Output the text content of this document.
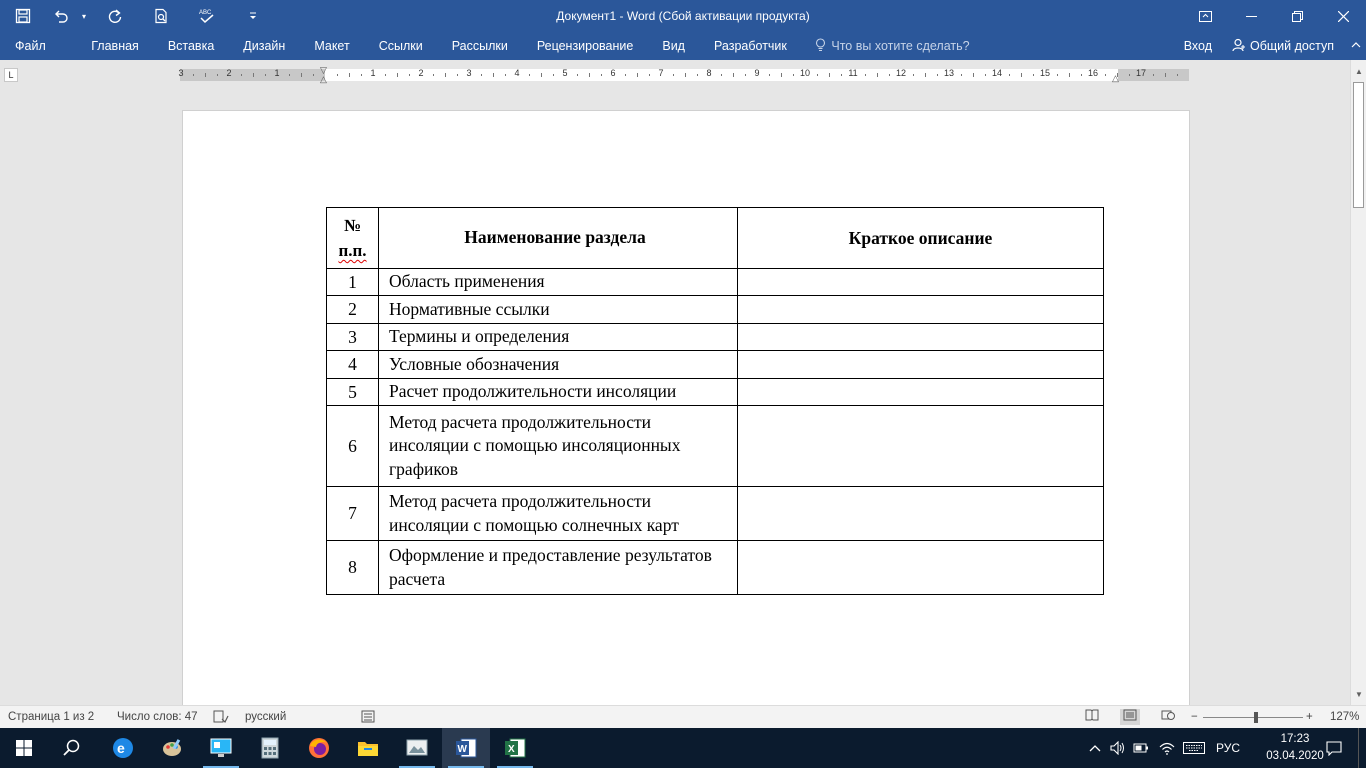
▾	ABC	Документ1 - Word (Сбой активации продукта)
Файл	Главная	Вставка	Дизайн	Макет	Ссылки	Рассылки	Рецензирование	Вид	Разработчик	Что вы хотите сделать?	Вход	Общий доступ
L	3	2	1	1	2	3	4	5	6	7	8	9	10	11	12	13	14	15	16	17
▽
△	△
№
п.п.	Наименование раздела	Краткое описание
1	Область применения	
2	Нормативные ссылки	
3	Термины и определения	
4	Условные обозначения	
5	Расчет продолжительности инсоляции	
6	Метод расчета продолжительности инсоляции с помощью инсоляционных графиков	
7	Метод расчета продолжительности инсоляции с помощью солнечных карт	
8	Оформление и предоставление результатов расчета	
▲
▼
Страница 1 из 2 Число слов: 47	русский	−	+ 127%
e	W	X	РУС
17:23
03.04.2020
